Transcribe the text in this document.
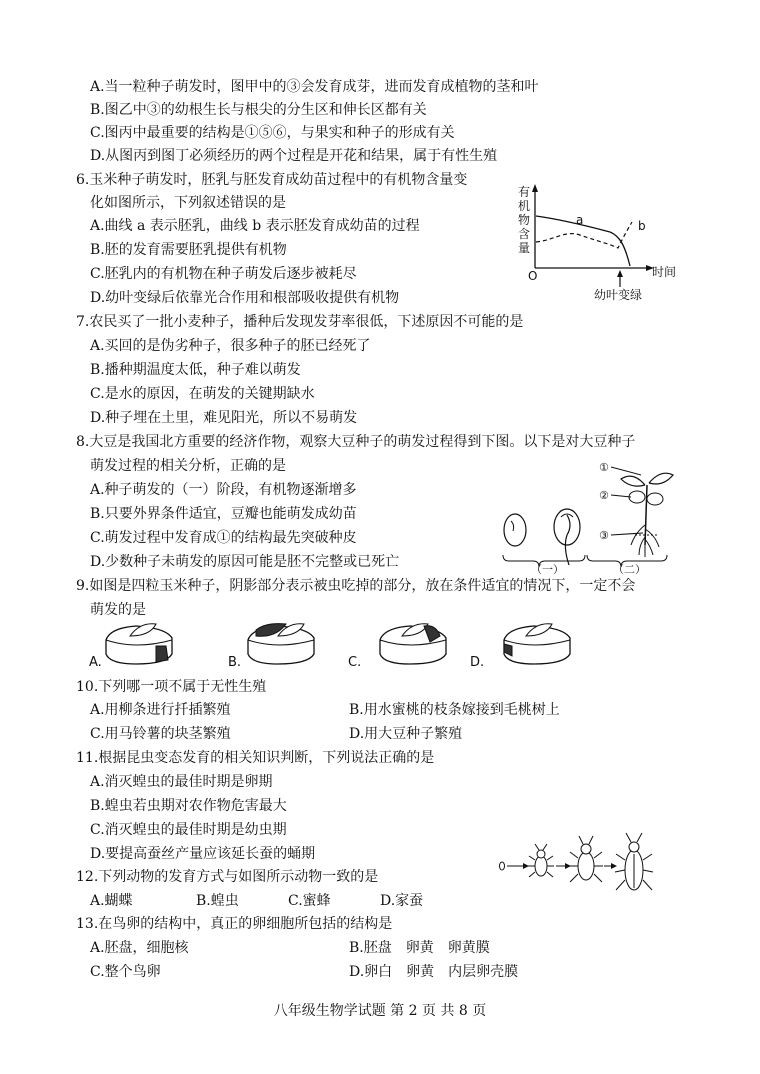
A.当一粒种子萌发时，图甲中的③会发育成芽，进而发育成植物的茎和叶
B.图乙中③的幼根生长与根尖的分生区和伸长区都有关
C.图丙中最重要的结构是①⑤⑥，与果实和种子的形成有关
D.从图丙到图丁必须经历的两个过程是开花和结果，属于有性生殖
6.玉米种子萌发时，胚乳与胚发育成幼苗过程中的有机物含量变
化如图所示，下列叙述错误的是
A.曲线 a 表示胚乳，曲线 b 表示胚发育成幼苗的过程
B.胚的发育需要胚乳提供有机物
C.胚乳内的有机物在种子萌发后逐步被耗尽
D.幼叶变绿后依靠光合作用和根部吸收提供有机物
有
机
物
含
量
O	时间
a	b
幼叶变绿
7.农民买了一批小麦种子，播种后发现发芽率很低，下述原因不可能的是
A.买回的是伪劣种子，很多种子的胚已经死了
B.播种期温度太低，种子难以萌发
C.是水的原因，在萌发的关键期缺水
D.种子埋在土里，难见阳光，所以不易萌发
8.大豆是我国北方重要的经济作物，观察大豆种子的萌发过程得到下图。以下是对大豆种子
萌发过程的相关分析，正确的是
A.种子萌发的（一）阶段，有机物逐渐增多
B.只要外界条件适宜，豆瓣也能萌发成幼苗
C.萌发过程中发育成①的结构最先突破种皮
D.少数种子未萌发的原因可能是胚不完整或已死亡
①
②
③
（一）	（二）
9.如图是四粒玉米种子，阴影部分表示被虫吃掉的部分，放在条件适宜的情况下，一定不会
萌发的是
A.	B.	C.	D.
10.下列哪一项不属于无性生殖
A.用柳条进行扦插繁殖	B.用水蜜桃的枝条嫁接到毛桃树上
C.用马铃薯的块茎繁殖	D.用大豆种子繁殖
11.根据昆虫变态发育的相关知识判断，下列说法正确的是
A.消灭蝗虫的最佳时期是卵期
B.蝗虫若虫期对农作物危害最大
C.消灭蝗虫的最佳时期是幼虫期
D.要提高蚕丝产量应该延长蚕的蛹期
12.下列动物的发育方式与如图所示动物一致的是
A.蝴蝶	B.蝗虫	C.蜜蜂	D.家蚕
13.在鸟卵的结构中，真正的卵细胞所包括的结构是
A.胚盘，细胞核	B.胚盘　卵黄　卵黄膜
C.整个鸟卵	D.卵白　卵黄　内层卵壳膜
八年级生物学试题 第 2 页 共 8 页
